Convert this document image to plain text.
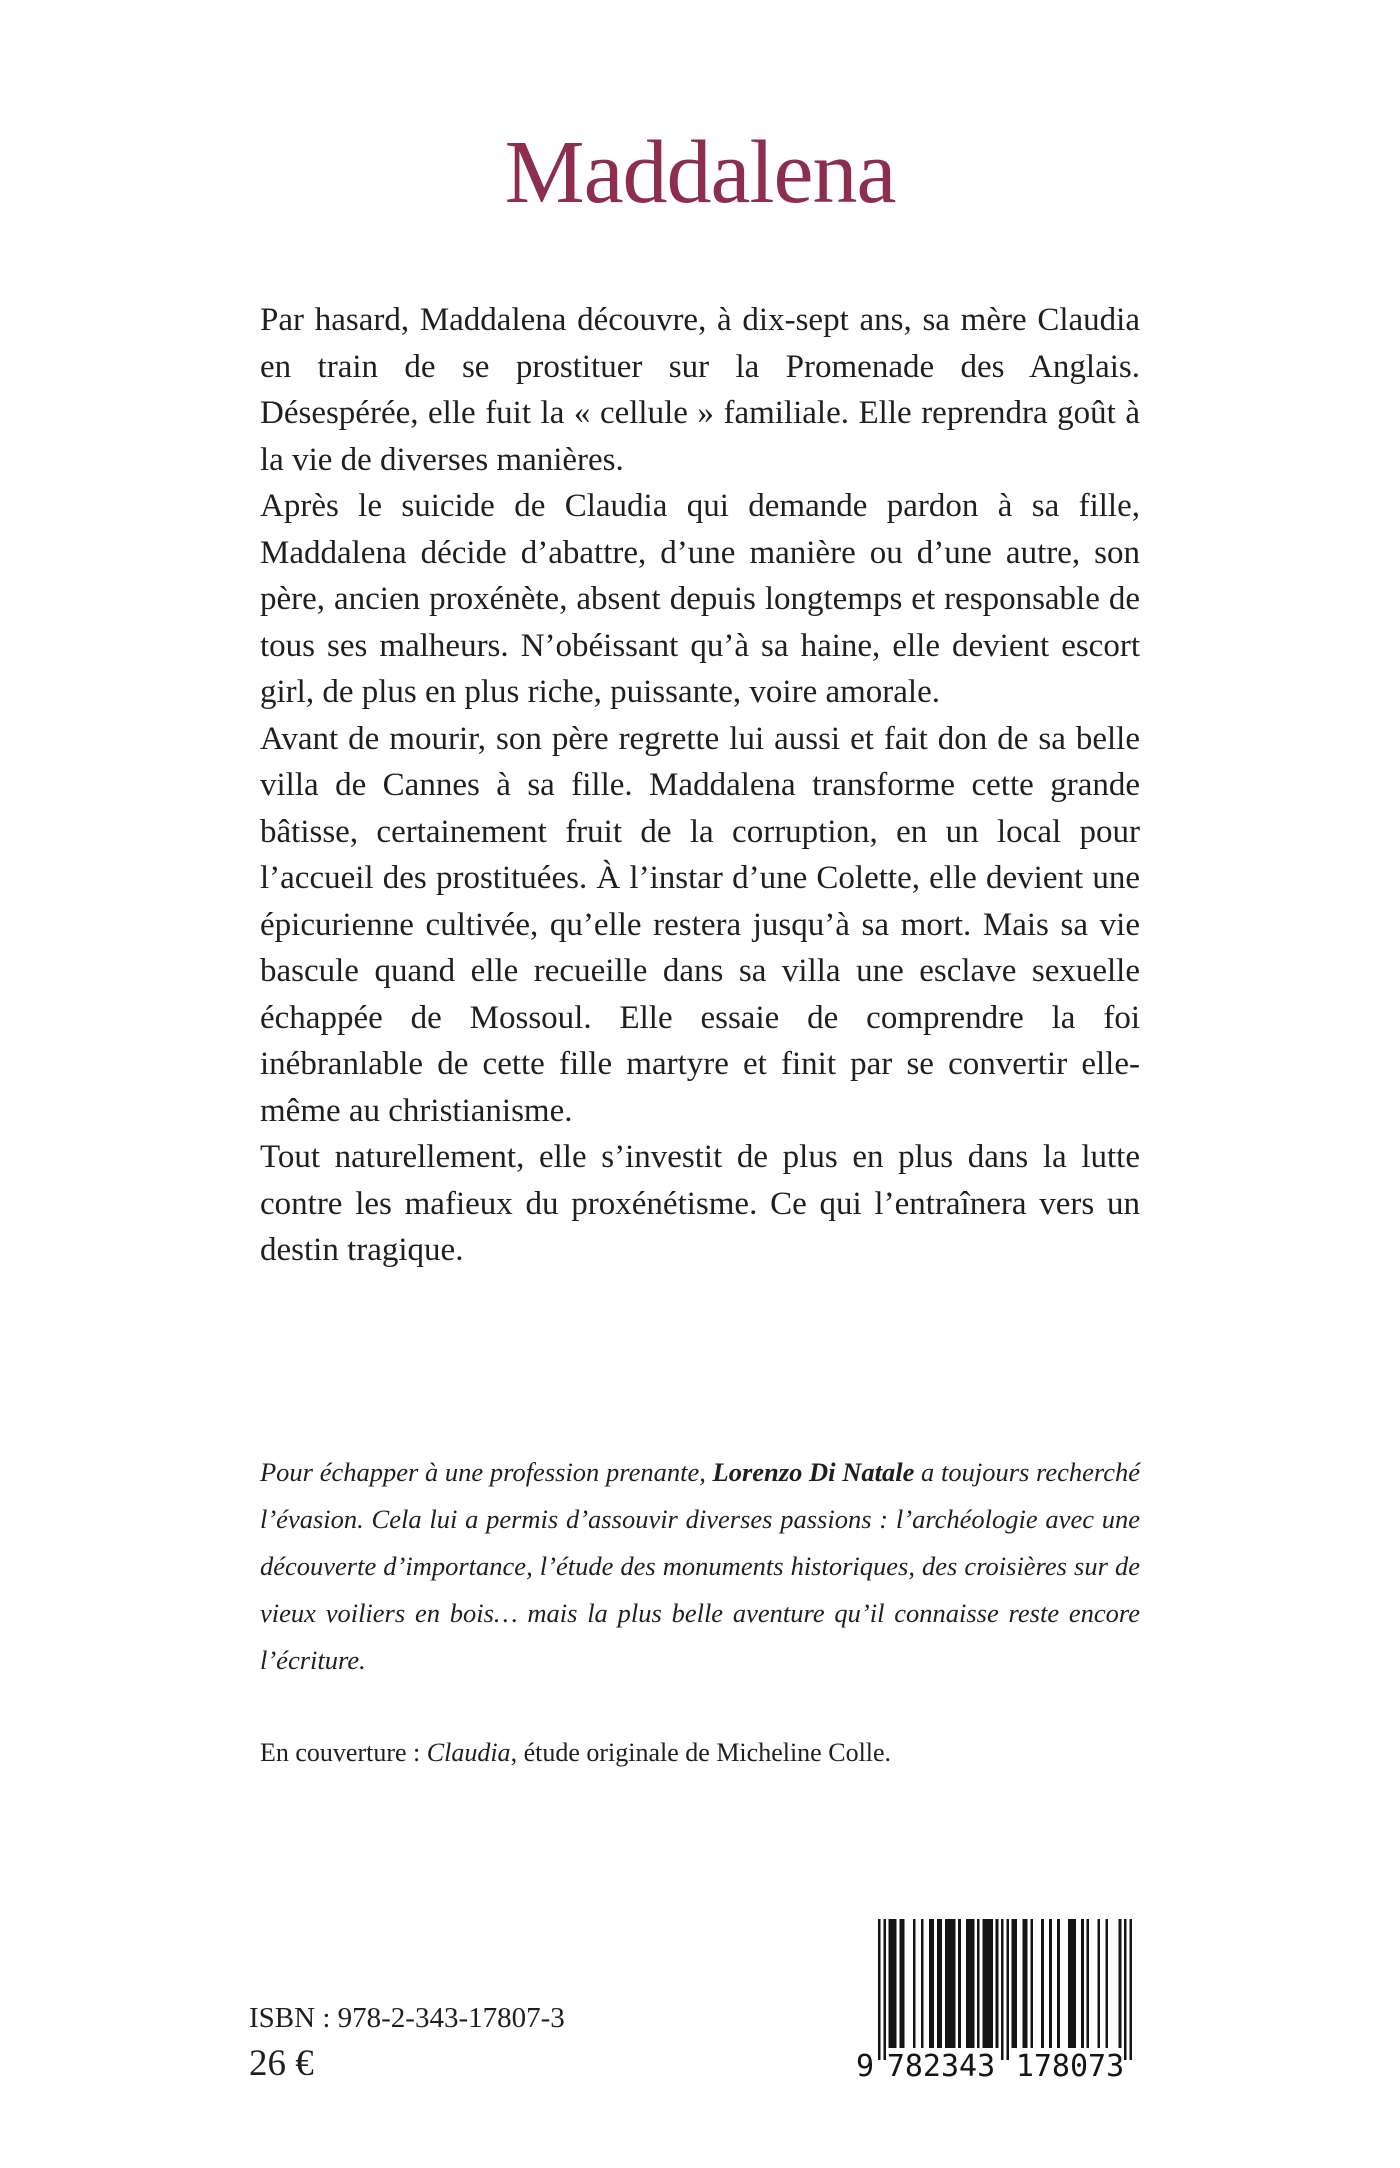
Maddalena

Par hasard, Maddalena découvre, à dix-sept ans, sa mère Claudia en train de se prostituer sur la Promenade des Anglais. Désespérée, elle fuit la « cellule » familiale. Elle reprendra goût à la vie de diverses manières.

Après le suicide de Claudia qui demande pardon à sa fille, Maddalena décide d’abattre, d’une manière ou d’une autre, son père, ancien proxénète, absent depuis longtemps et responsable de tous ses malheurs. N’obéissant qu’à sa haine, elle devient escort girl, de plus en plus riche, puissante, voire amorale.

Avant de mourir, son père regrette lui aussi et fait don de sa belle villa de Cannes à sa fille. Maddalena transforme cette grande bâtisse, certainement fruit de la corruption, en un local pour l’accueil des prostituées. À l’instar d’une Colette, elle devient une épicurienne cultivée, qu’elle restera jusqu’à sa mort. Mais sa vie bascule quand elle recueille dans sa villa une esclave sexuelle échappée de Mossoul. Elle essaie de comprendre la foi inébranlable de cette fille martyre et finit par se convertir elle-même au christianisme.

Tout naturellement, elle s’investit de plus en plus dans la lutte contre les mafieux du proxénétisme. Ce qui l’entraînera vers un destin tragique.

Pour échapper à une profession prenante, Lorenzo Di Natale a toujours recherché l’évasion. Cela lui a permis d’assouvir diverses passions : l’archéologie avec une découverte d’importance, l’étude des monuments historiques, des croisières sur de vieux voiliers en bois… mais la plus belle aventure qu’il connaisse reste encore l’écriture.

En couverture : Claudia, étude originale de Micheline Colle.

ISBN : 978-2-343-17807-3

26 €	9 782343 178073
